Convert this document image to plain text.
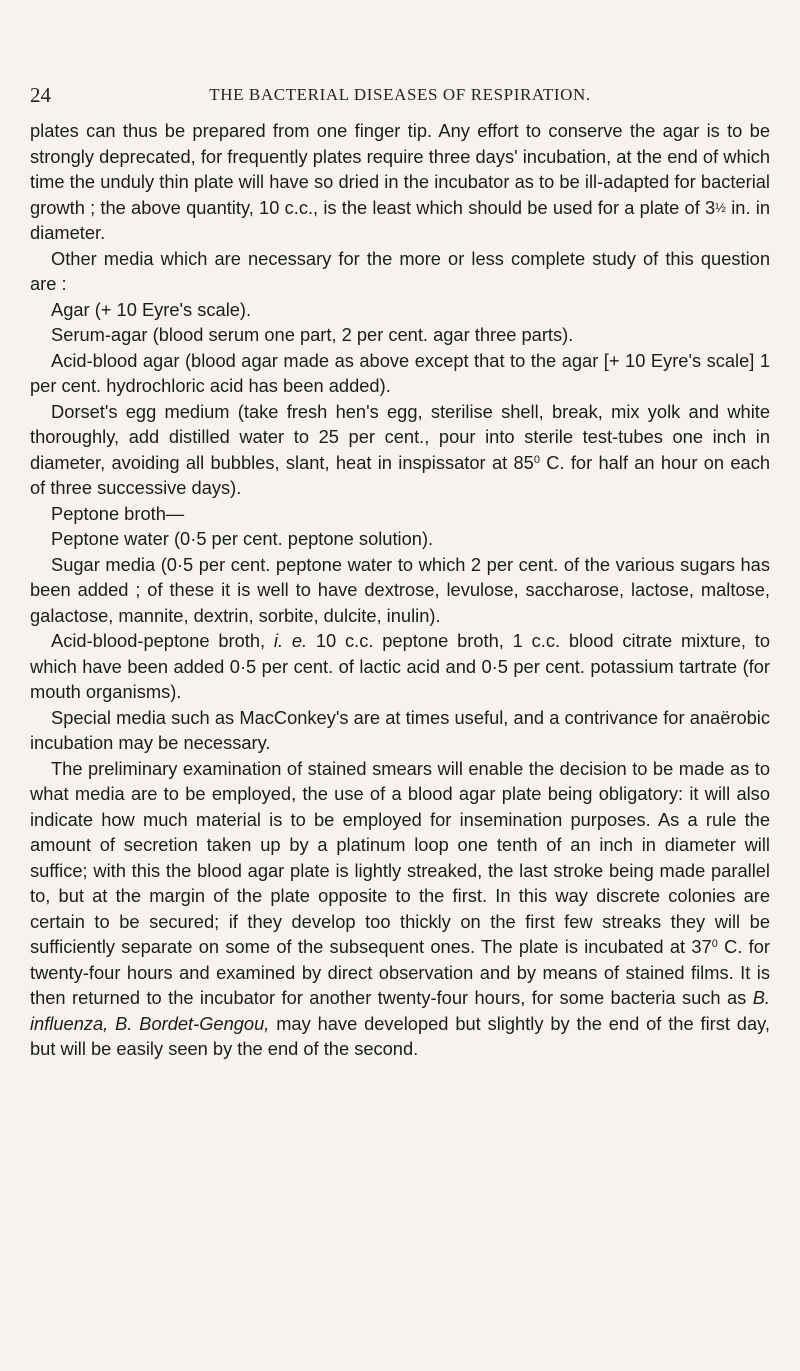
24	THE BACTERIAL DISEASES OF RESPIRATION.

plates can thus be prepared from one finger tip. Any effort to conserve the agar is to be strongly deprecated, for frequently plates require three days' incubation, at the end of which time the unduly thin plate will have so dried in the incubator as to be ill-adapted for bacterial growth ; the above quantity, 10 c.c., is the least which should be used for a plate of 3½ in. in diameter.

Other media which are necessary for the more or less complete study of this question are :

Agar (+ 10 Eyre's scale).

Serum-agar (blood serum one part, 2 per cent. agar three parts).

Acid-blood agar (blood agar made as above except that to the agar [+ 10 Eyre's scale] 1 per cent. hydrochloric acid has been added).

Dorset's egg medium (take fresh hen's egg, sterilise shell, break, mix yolk and white thoroughly, add distilled water to 25 per cent., pour into sterile test-tubes one inch in diameter, avoiding all bubbles, slant, heat in inspissator at $85^0$ C. for half an hour on each of three successive days).

Peptone broth—

Peptone water (0·5 per cent. peptone solution).

Sugar media (0·5 per cent. peptone water to which 2 per cent. of the various sugars has been added ; of these it is well to have dextrose, levulose, saccharose, lactose, maltose, galactose, mannite, dextrin, sorbite, dulcite, inulin).

Acid-blood-peptone broth, i. e. 10 c.c. peptone broth, 1 c.c. blood citrate mixture, to which have been added 0·5 per cent. of lactic acid and 0·5 per cent. potassium tartrate (for mouth organisms).

Special media such as MacConkey's are at times useful, and a contrivance for anaërobic incubation may be necessary.

The preliminary examination of stained smears will enable the decision to be made as to what media are to be employed, the use of a blood agar plate being obligatory: it will also indicate how much material is to be employed for insemination purposes. As a rule the amount of secretion taken up by a platinum loop one tenth of an inch in diameter will suffice; with this the blood agar plate is lightly streaked, the last stroke being made parallel to, but at the margin of the plate opposite to the first. In this way discrete colonies are certain to be secured; if they develop too thickly on the first few streaks they will be sufficiently separate on some of the subsequent ones. The plate is incubated at $37^0$ C. for twenty-four hours and examined by direct observation and by means of stained films. It is then returned to the incubator for another twenty-four hours, for some bacteria such as B. influenza, B. Bordet-Gengou, may have developed but slightly by the end of the first day, but will be easily seen by the end of the second.
